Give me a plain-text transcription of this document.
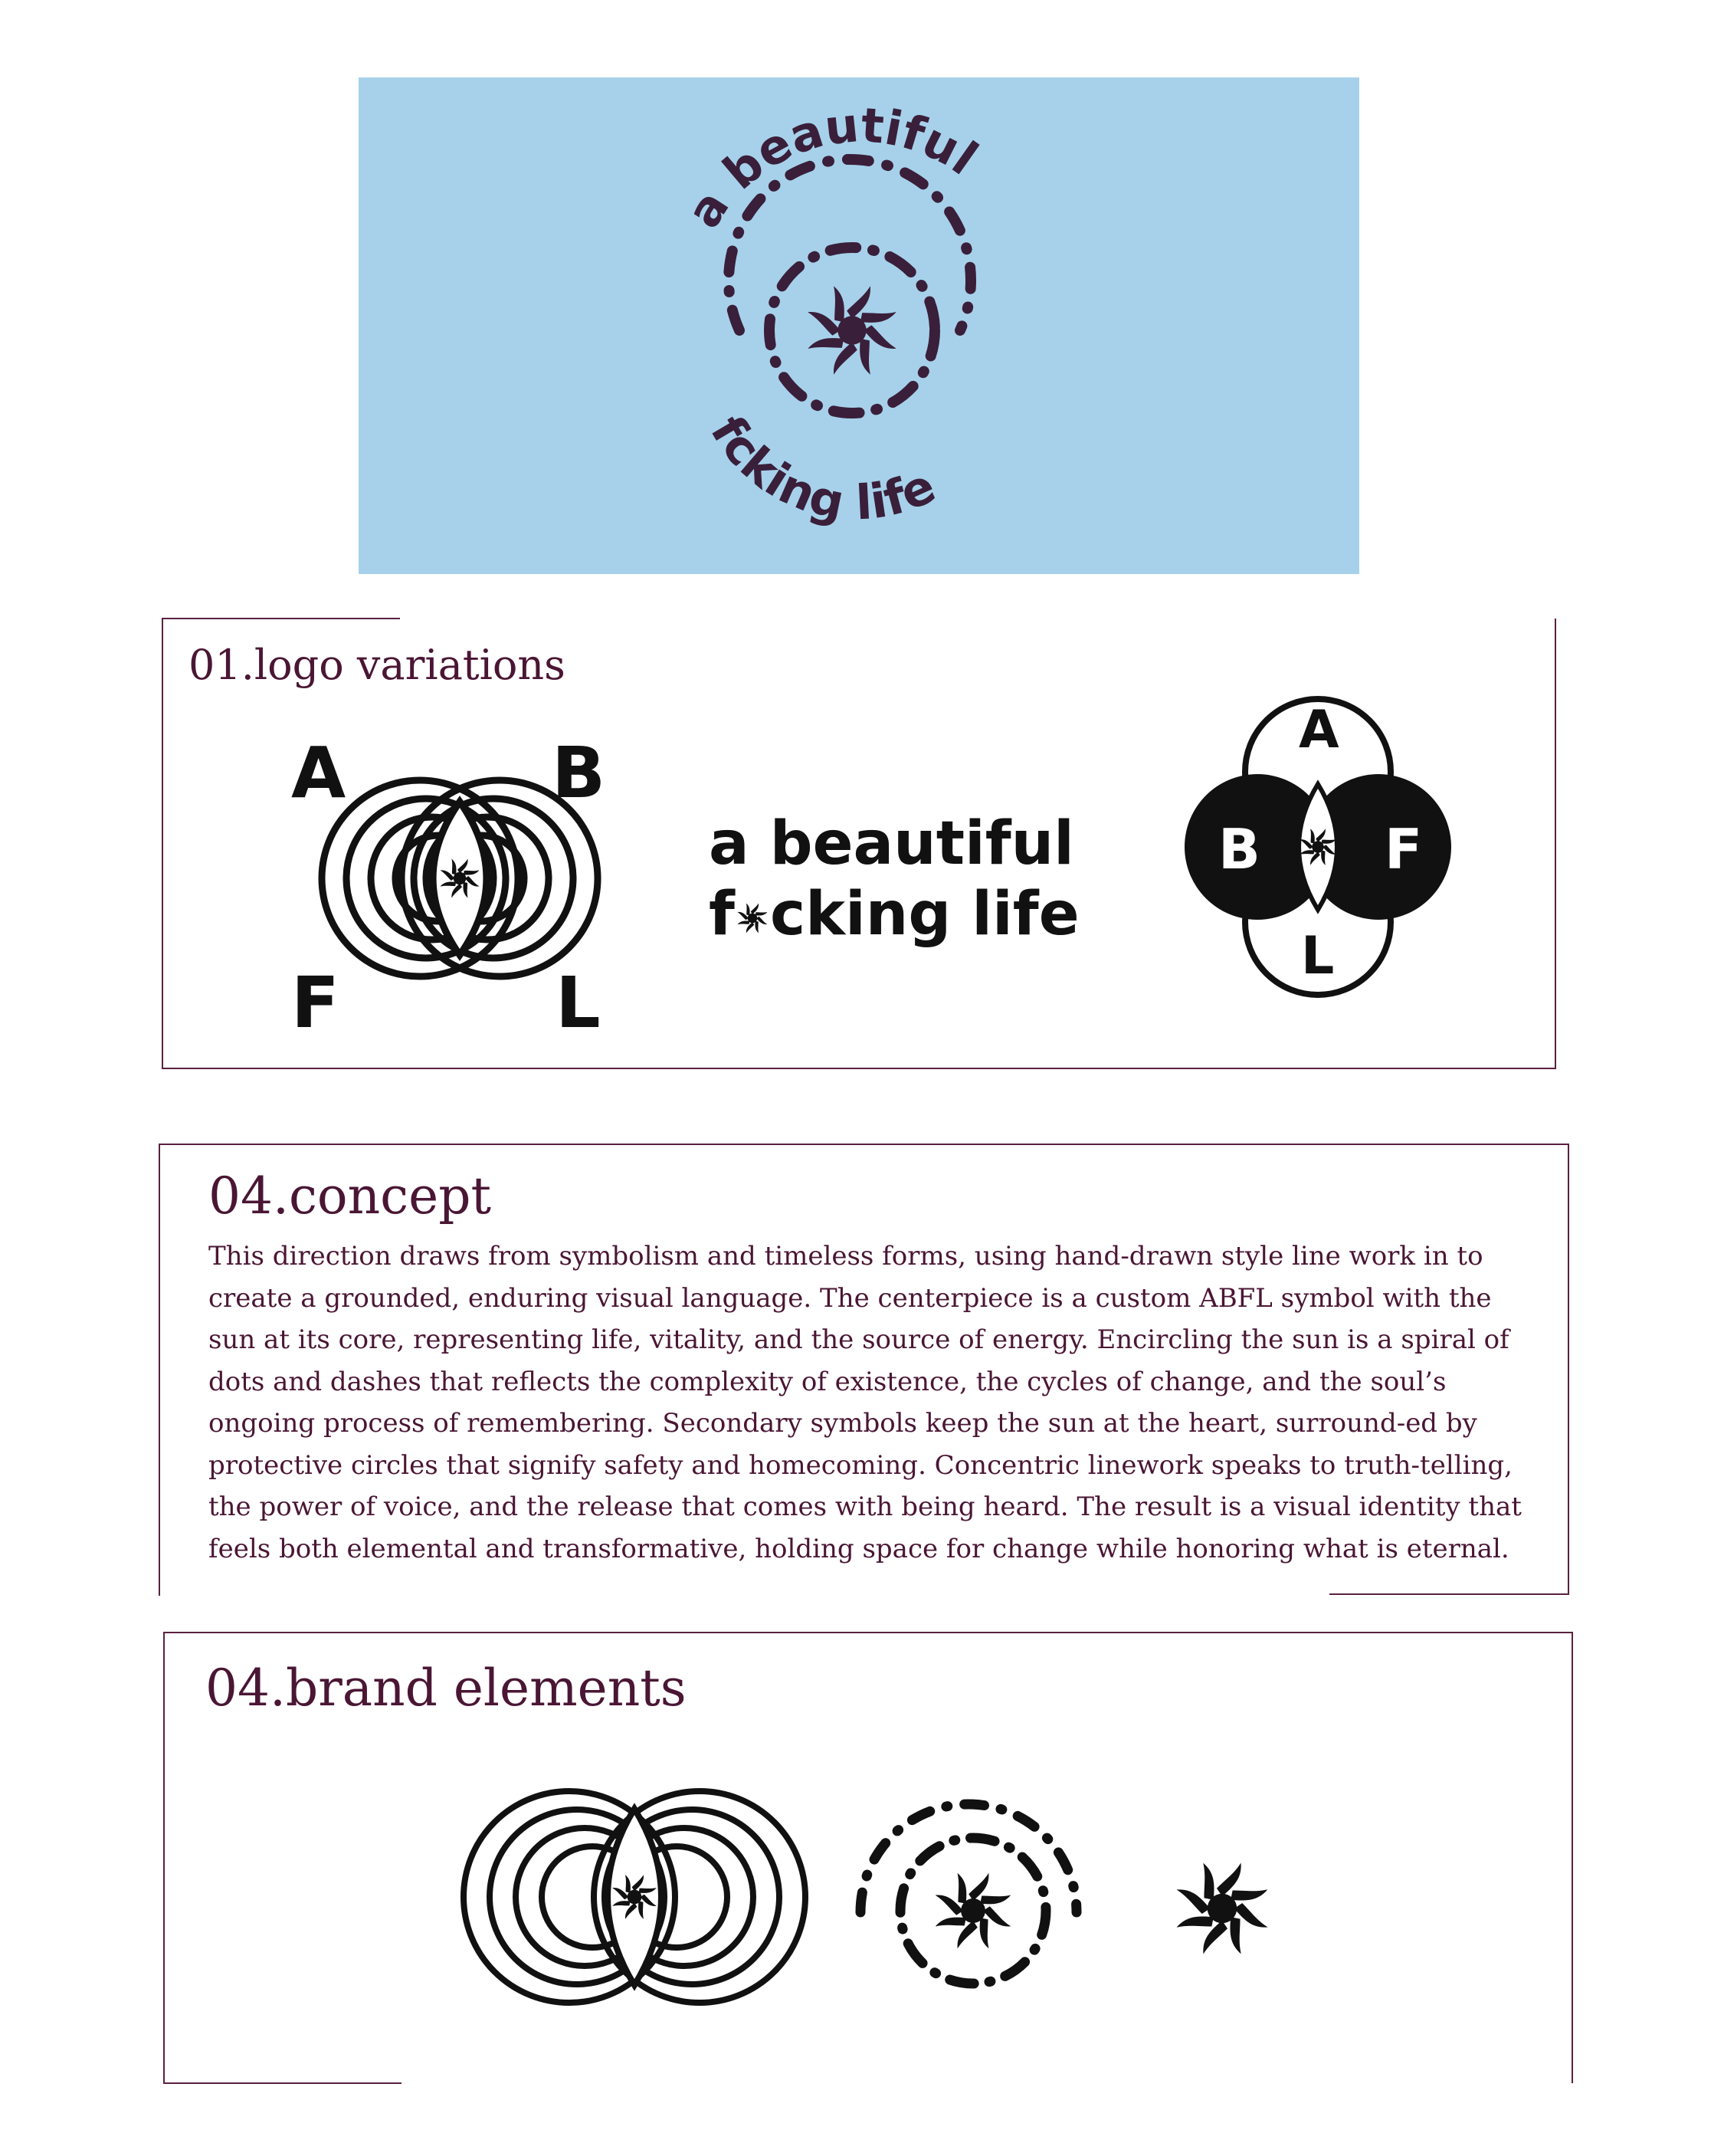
a beautiful
fcking life
01.logo variations
A	B
F	L
a beautiful
f cking life
A
B F
L
04.concept
This direction draws from symbolism and timeless forms, using hand-drawn style line work in to create a grounded, enduring visual language. The centerpiece is a custom ABFL symbol with the sun at its core, representing life, vitality, and the source of energy. Encircling the sun is a spiral of dots and dashes that reflects the complexity of existence, the cycles of change, and the soul’s ongoing process of remembering. Secondary symbols keep the sun at the heart, surround-ed by protective circles that signify safety and homecoming. Concentric linework speaks to truth-telling, the power of voice, and the release that comes with being heard. The result is a visual identity that feels both elemental and transformative, holding space for change while honoring what is eternal.
04.brand elements
